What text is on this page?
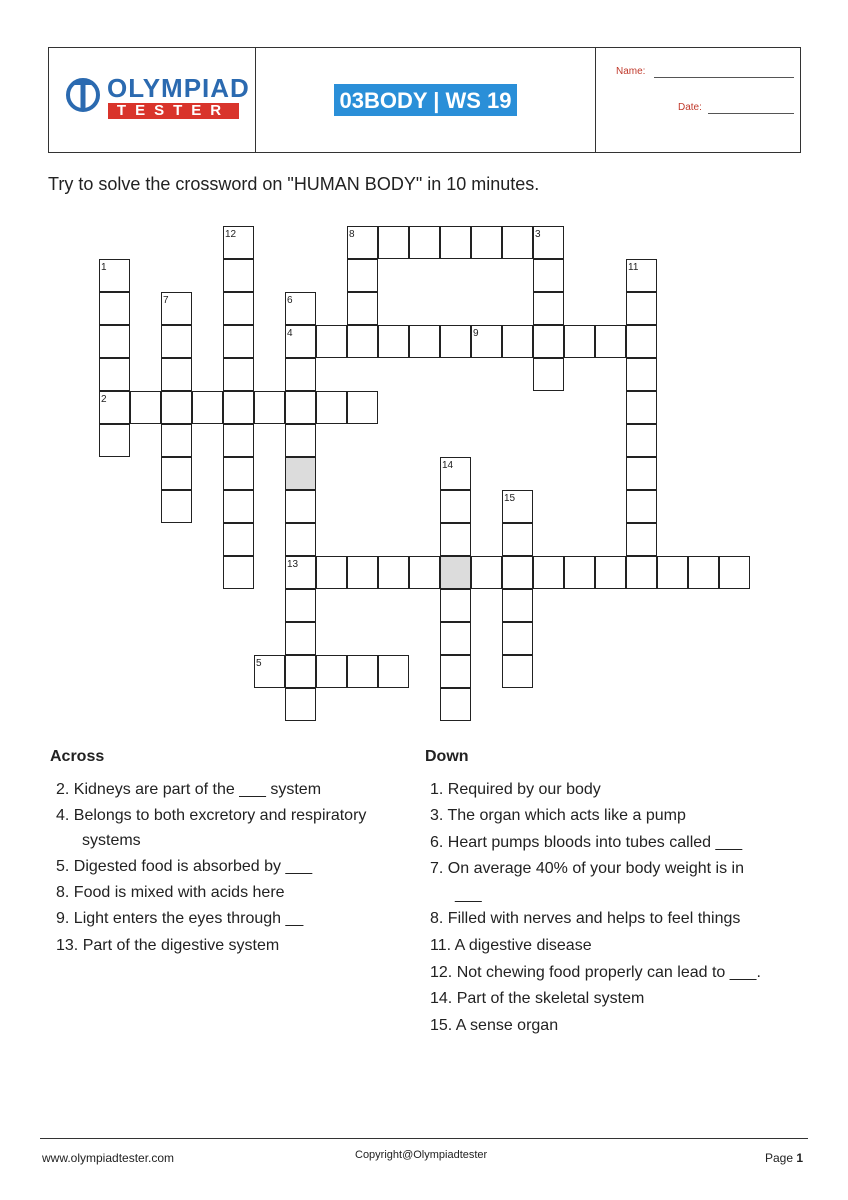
OLYMPIAD
TESTER	03BODY | WS 19
Name:
Date:
Try to solve the crossword on "HUMAN BODY" in 10 minutes.
1
2
3
4
5
6
7
8
9
11
12
13
14
15
Across
2. Kidneys are part of the ___ system
4. Belongs to both excretory and respiratory
systems
5. Digested food is absorbed by ___
8. Food is mixed with acids here
9. Light enters the eyes through __
13. Part of the digestive system
Down
1. Required by our body
3. The organ which acts like a pump
6. Heart pumps bloods into tubes called ___
7. On average 40% of your body weight is in
___
8. Filled with nerves and helps to feel things
11. A digestive disease
12. Not chewing food properly can lead to ___.
14. Part of the skeletal system
15. A sense organ
www.olympiadtester.com	Copyright@Olympiadtester	Page 1
